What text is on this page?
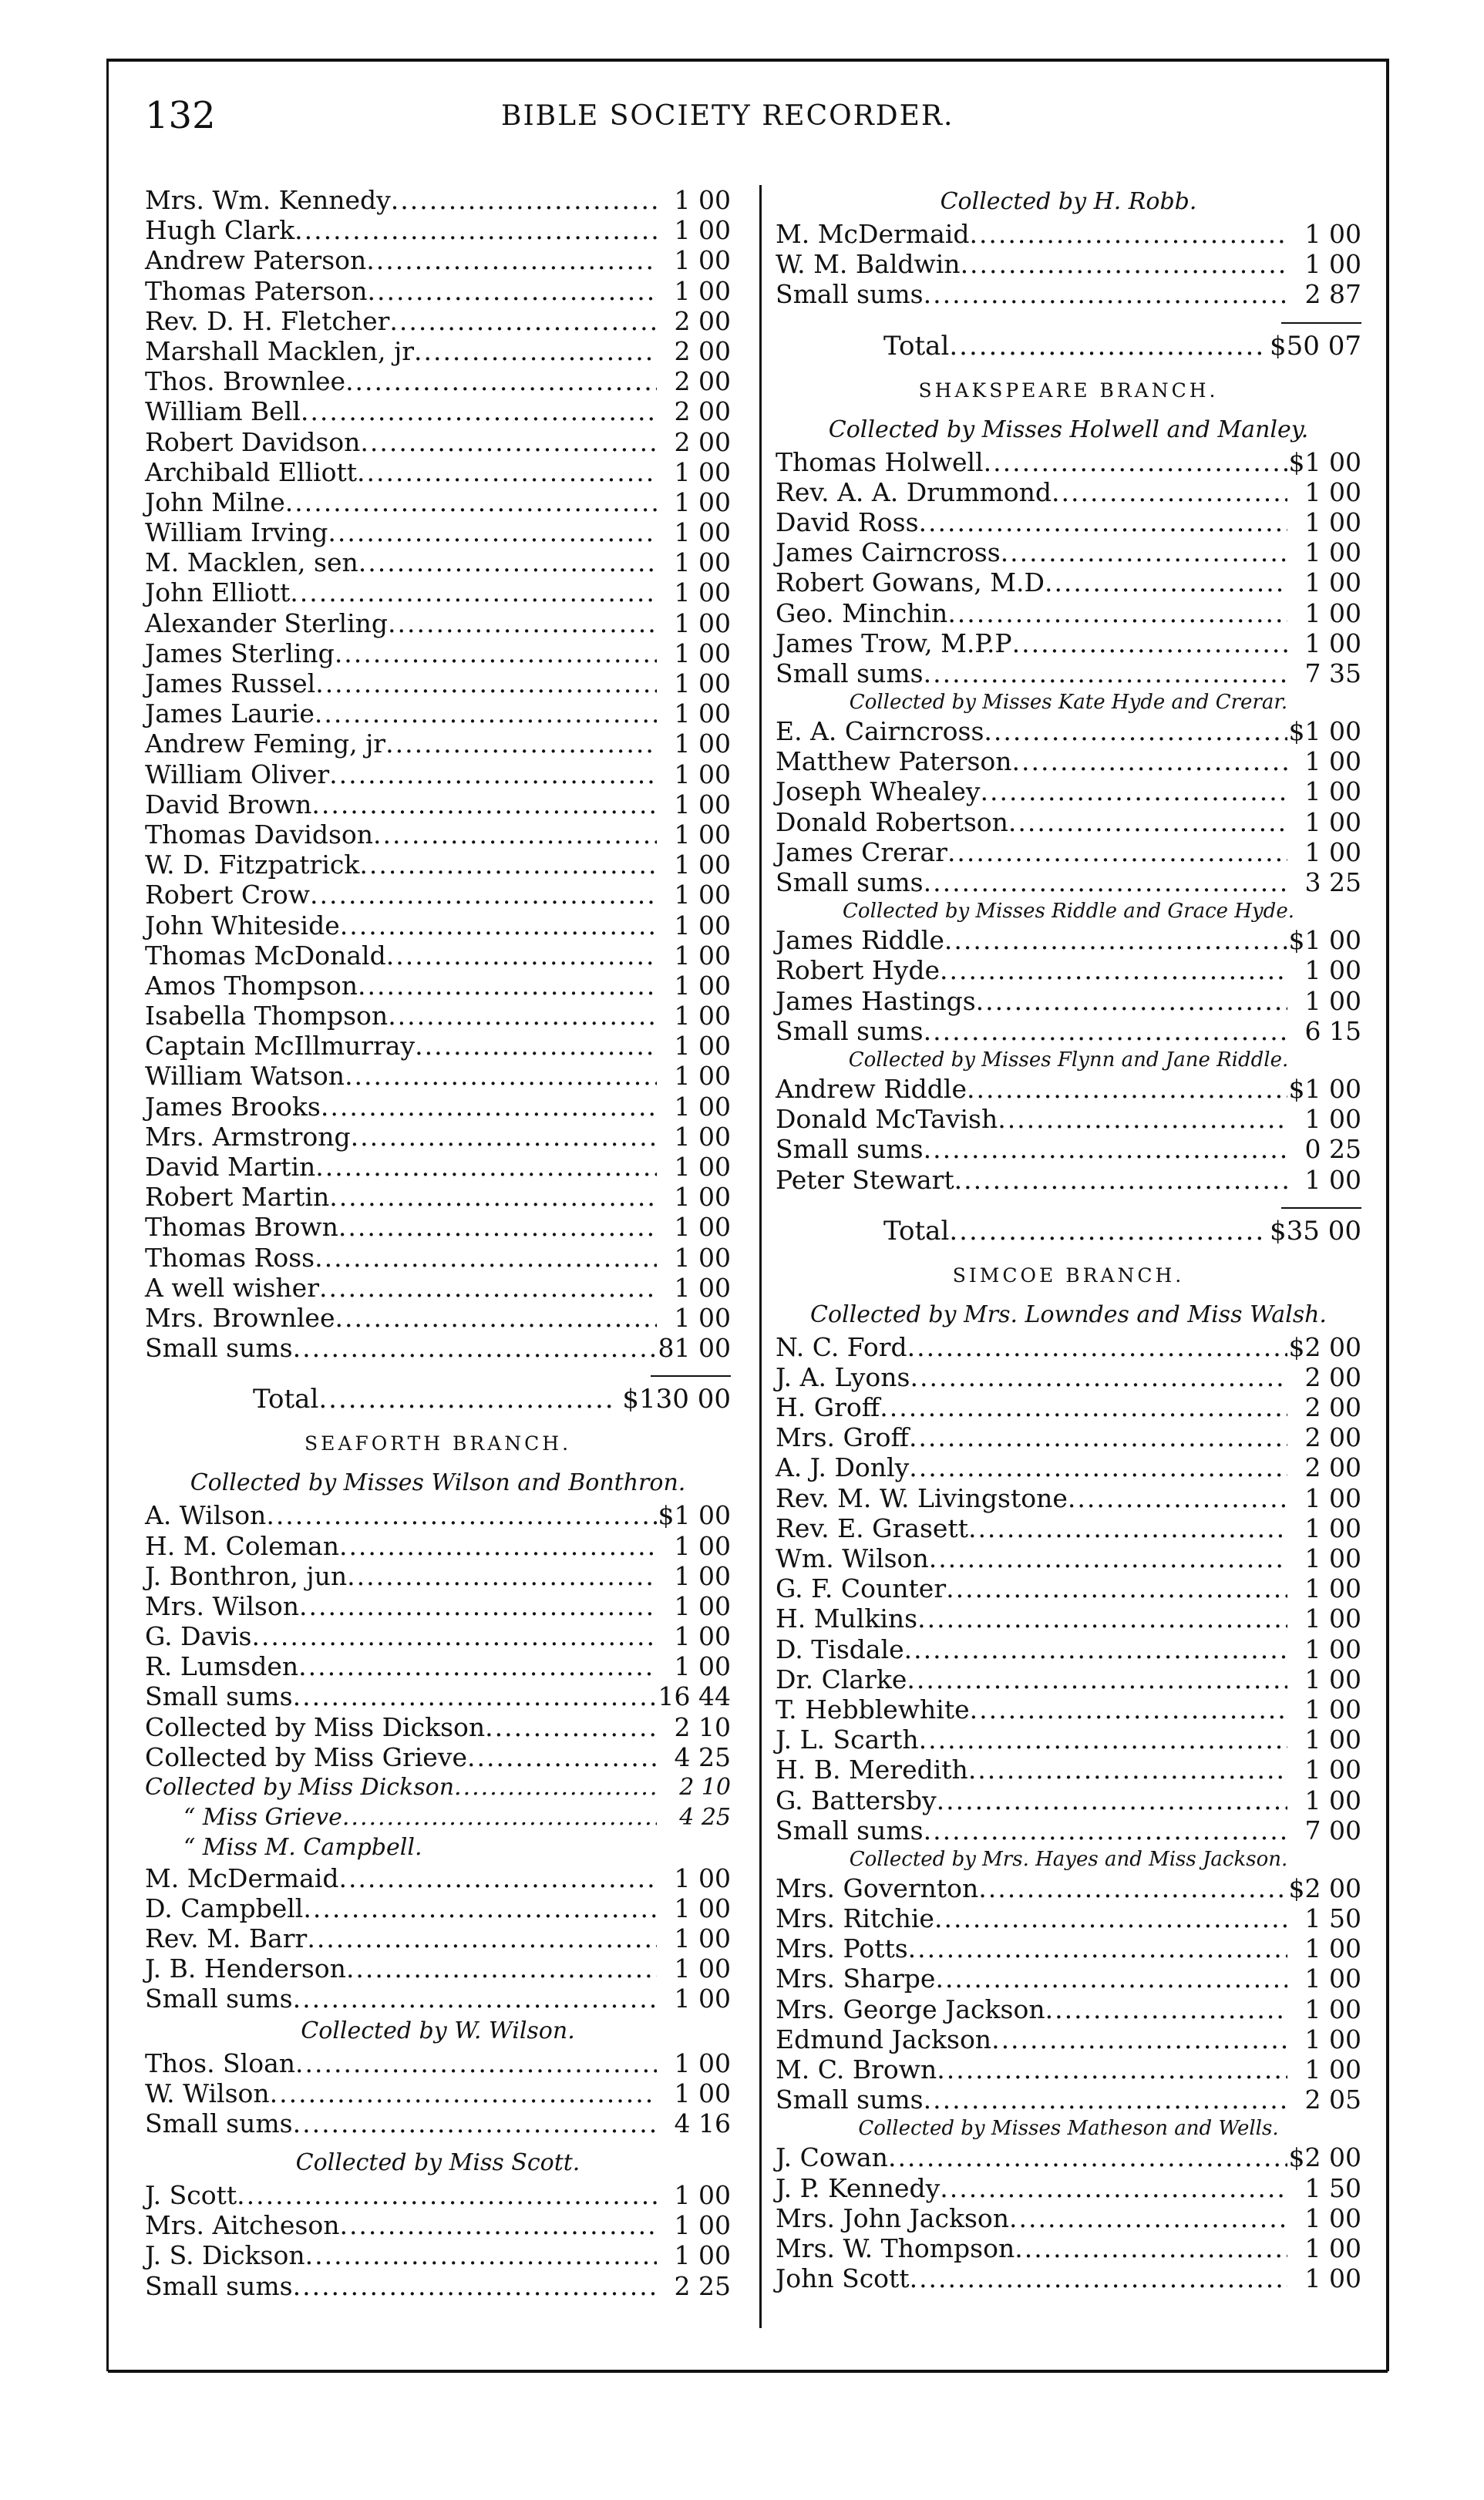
132	BIBLE SOCIETY RECORDER.
Mrs. Wm. Kennedy .....	1 00
Hugh Clark .....	1 00
Andrew Paterson .....	1 00
Thomas Paterson .....	1 00
Rev. D. H. Fletcher .....	2 00
Marshall Macklen, jr .....	2 00
Thos. Brownlee .....	2 00
William Bell .....	2 00
Robert Davidson .....	2 00
Archibald Elliott .....	1 00
John Milne .....	1 00
William Irving .....	1 00
M. Macklen, sen .....	1 00
John Elliott .....	1 00
Alexander Sterling .....	1 00
James Sterling .....	1 00
James Russel .....	1 00
James Laurie .....	1 00
Andrew Feming, jr .....	1 00
William Oliver .....	1 00
David Brown .....	1 00
Thomas Davidson .....	1 00
W. D. Fitzpatrick .....	1 00
Robert Crow .....	1 00
John Whiteside .....	1 00
Thomas McDonald .....	1 00
Amos Thompson .....	1 00
Isabella Thompson .....	1 00
Captain McIllmurray .....	1 00
William Watson .....	1 00
James Brooks .....	1 00
Mrs. Armstrong .....	1 00
David Martin .....	1 00
Robert Martin .....	1 00
Thomas Brown .....	1 00
Thomas Ross .....	1 00
A well wisher .....	1 00
Mrs. Brownlee .....	1 00
Small sums .....	81 00
Total .....	$130 00
SEAFORTH BRANCH.
Collected by Misses Wilson and Bonthron.
A. Wilson .....	$1 00
H. M. Coleman .....	1 00
J. Bonthron, jun .....	1 00
Mrs. Wilson .....	1 00
G. Davis .....	1 00
R. Lumsden .....	1 00
Small sums .....	16 44
Collected by Miss Dickson .....	2 10
Collected by Miss Grieve .....	4 25
Collected by Miss Dickson .....	2 10
“ Miss Grieve .....	4 25
“ Miss M. Campbell.
M. McDermaid .....	1 00
D. Campbell .....	1 00
Rev. M. Barr .....	1 00
J. B. Henderson .....	1 00
Small sums .....	1 00
Collected by W. Wilson.
Thos. Sloan .....	1 00
W. Wilson .....	1 00
Small sums .....	4 16
Collected by Miss Scott.
J. Scott .....	1 00
Mrs. Aitcheson .....	1 00
J. S. Dickson .....	1 00
Small sums .....	2 25
Collected by H. Robb.
M. McDermaid .....	1 00
W. M. Baldwin .....	1 00
Small sums .....	2 87
Total .....	$50 07
SHAKSPEARE BRANCH.
Collected by Misses Holwell and Manley.
Thomas Holwell .....	$1 00
Rev. A. A. Drummond .....	1 00
David Ross .....	1 00
James Cairncross .....	1 00
Robert Gowans, M.D .....	1 00
Geo. Minchin .....	1 00
James Trow, M.P.P .....	1 00
Small sums .....	7 35
Collected by Misses Kate Hyde and Crerar.
E. A. Cairncross .....	$1 00
Matthew Paterson .....	1 00
Joseph Whealey .....	1 00
Donald Robertson .....	1 00
James Crerar .....	1 00
Small sums .....	3 25
Collected by Misses Riddle and Grace Hyde.
James Riddle .....	$1 00
Robert Hyde .....	1 00
James Hastings .....	1 00
Small sums .....	6 15
Collected by Misses Flynn and Jane Riddle.
Andrew Riddle .....	$1 00
Donald McTavish .....	1 00
Small sums .....	0 25
Peter Stewart .....	1 00
Total .....	$35 00
SIMCOE BRANCH.
Collected by Mrs. Lowndes and Miss Walsh.
N. C. Ford .....	$2 00
J. A. Lyons .....	2 00
H. Groff .....	2 00
Mrs. Groff .....	2 00
A. J. Donly .....	2 00
Rev. M. W. Livingstone .....	1 00
Rev. E. Grasett .....	1 00
Wm. Wilson .....	1 00
G. F. Counter .....	1 00
H. Mulkins .....	1 00
D. Tisdale .....	1 00
Dr. Clarke .....	1 00
T. Hebblewhite .....	1 00
J. L. Scarth .....	1 00
H. B. Meredith .....	1 00
G. Battersby .....	1 00
Small sums .....	7 00
Collected by Mrs. Hayes and Miss Jackson.
Mrs. Governton .....	$2 00
Mrs. Ritchie .....	1 50
Mrs. Potts .....	1 00
Mrs. Sharpe .....	1 00
Mrs. George Jackson .....	1 00
Edmund Jackson .....	1 00
M. C. Brown .....	1 00
Small sums .....	2 05
Collected by Misses Matheson and Wells.
J. Cowan .....	$2 00
J. P. Kennedy .....	1 50
Mrs. John Jackson .....	1 00
Mrs. W. Thompson .....	1 00
John Scott .....	1 00
